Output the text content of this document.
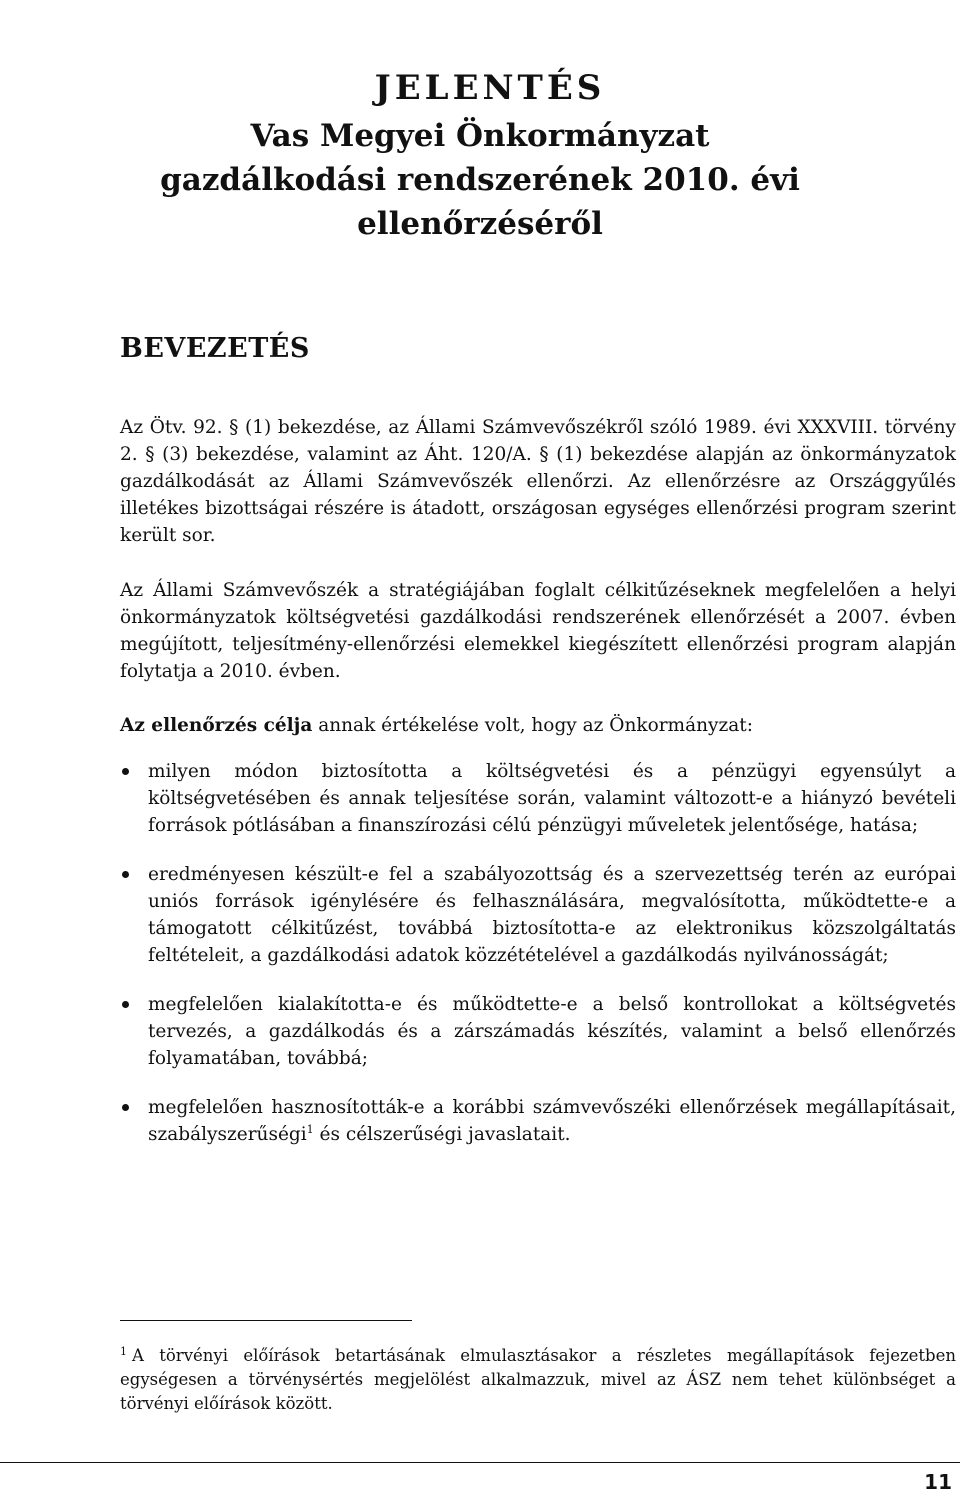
JELENTÉS

Vas Megyei Önkormányzat

gazdálkodási rendszerének 2010. évi

ellenőrzéséről

BEVEZETÉS

Az Ötv. 92. § (1) bekezdése, az Állami Számvevőszékről szóló 1989. évi XXXVIII. törvény 2. § (3) bekezdése, valamint az Áht. 120/A. § (1) bekezdése alapján az önkormányzatok gazdálkodását az Állami Számvevőszék ellenőrzi. Az ellenőrzésre az Országgyűlés illetékes bizottságai részére is átadott, országosan egységes ellenőrzési program szerint került sor.

Az Állami Számvevőszék a stratégiájában foglalt célkitűzéseknek megfelelően a helyi önkormányzatok költségvetési gazdálkodási rendszerének ellenőrzését a 2007. évben megújított, teljesítmény-ellenőrzési elemekkel kiegészített ellenőrzési program alapján folytatja a 2010. évben.

Az ellenőrzés célja annak értékelése volt, hogy az Önkormányzat:

milyen módon biztosította a költségvetési és a pénzügyi egyensúlyt a költségvetésében és annak teljesítése során, valamint változott-e a hiányzó bevételi források pótlásában a finanszírozási célú pénzügyi műveletek jelentősége, hatása;
eredményesen készült-e fel a szabályozottság és a szervezettség terén az európai uniós források igénylésére és felhasználására, megvalósította, működtette-e a támogatott célkitűzést, továbbá biztosította-e az elektronikus közszolgáltatás feltételeit, a gazdálkodási adatok közzétételével a gazdálkodás nyilvánosságát;
megfelelően kialakította-e és működtette-e a belső kontrollokat a költségvetés tervezés, a gazdálkodás és a zárszámadás készítés, valamint a belső ellenőrzés folyamatában, továbbá;
megfelelően hasznosították-e a korábbi számvevőszéki ellenőrzések megállapításait, szabályszerűségi$^1$ és célszerűségi javaslatait.

$^1$ A törvényi előírások betartásának elmulasztásakor a részletes megállapítások fejezetben egységesen a törvénysértés megjelölést alkalmazzuk, mivel az ÁSZ nem tehet különbséget a törvényi előírások között.

11
